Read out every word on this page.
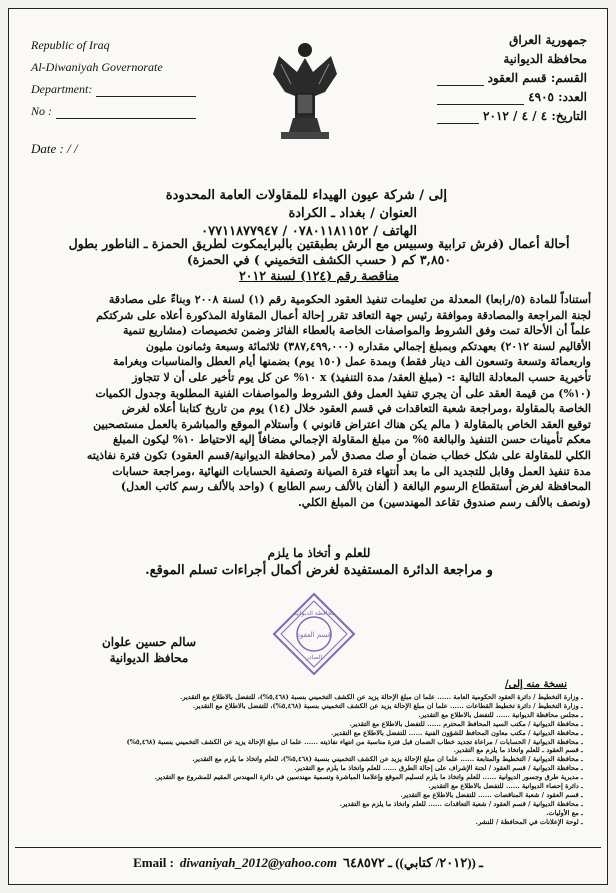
Republic of Iraq
Al-Diwaniyah Governorate
Department:
No :
Date : / /
جمهورية العراق
محافظة الديوانية
القسم: قسم العقود
العدد: ٤٩٠٥
التاريخ: ٤ / ٤ / ٢٠١٢
إلى / شركة عيون الهيداء للمقاولات العامة المحدودة
العنوان / بغداد ـ الكرادة
الهاتف / ٠٧٨٠١١٨١١٥٢ / ٠٧٧١١٨٧٧٩٤٧
أحالة أعمال (فرش ترابية وسبيس مع الرش بطبقتين بالبرايمكوت لطريق الحمزة ـ الناطور بطول
٣,٨٥٠ كم ( حسب الكشف التخميني ) في الحمزة)
مناقصة رقم (١٢٤) لسنة ٢٠١٢
أستناداً للمادة (٥/رابعا) المعدلة من تعليمات تنفيذ العقود الحكومية رقم (١) لسنة ٢٠٠٨ وبناءً على مصادقة
لجنة المراجعة والمصادقة وموافقة رئيس جهة التعاقد تقرر إحالة أعمال المقاولة المذكورة أعلاه على شركتكم
علماً أن الأحالة تمت وفق الشروط والمواصفات الخاصة بالعطاء الفائز وضمن تخصيصات (مشاريع تنمية
الأقاليم لسنة ٢٠١٢) بعهدتكم وبمبلغ إجمالي مقداره (٣٨٧,٤٩٩,٠٠٠) ثلاثمائة وسبعة وثمانون مليون
واربعمائة وتسعة وتسعون الف دينار فقط) وبمدة عمل (١٥٠ يوم) بضمنها أيام العطل والمناسبات وبغرامة
تأخيرية حسب المعادلة التالية :- (مبلغ العقد/ مدة التنفيذ) x ١٠% عن كل يوم تأخير على أن لا تتجاوز
(١٠%) من قيمة العقد على أن يجري تنفيذ العمل وفق الشروط والمواصفات الفنية المطلوبة وجدول الكميات
الخاصة بالمقاولة ،ومراجعة شعبة التعاقدات في قسم العقود خلال (١٤) يوم من تاريخ كتابنا أعلاه لغرض
توقيع العقد الخاص بالمقاولة ( مالم يكن هناك اعتراض قانوني ) وأستلام الموقع والمباشرة بالعمل مستصحبين
معكم تأمينات حسن التنفيذ والبالغة ٥% من مبلغ المقاولة الإجمالي مضافاً إليه الاحتياط ١٠% ليكون المبلغ
الكلي للمقاولة على شكل خطاب ضمان أو صك مصدق لأمر (محافظة الديوانية/قسم العقود) تكون فترة نفاذيته
مدة تنفيذ العمل وقابل للتجديد الى ما بعد أنتهاء فترة الصيانة وتصفية الحسابات النهائية ،ومراجعة حسابات
المحافظة لغرض أستقطاع الرسوم البالغة ( ألفان بالألف رسم الطابع ) (واحد بالألف رسم كاتب العدل)
(ونصف بالألف رسم صندوق تقاعد المهندسين) من المبلغ الكلي.
للعلم و أتخاذ ما يلزم
و مراجعة الدائرة المستفيدة لغرض أكمال أجراءات تسلم الموقع.
محافظة الديوانية
قسم العقود
الصادر
سالم حسين علوان
محافظ الديوانية
نسخة منه إلى/
ـ وزارة التخطيط / دائرة العقود الحكومية العامة ...... علما ان مبلغ الإحالة يزيد عن الكشف التخميني بنسبة (٥,٤٦٨%)، للتفضل بالاطلاع مع التقدير.
ـ وزارة التخطيط / دائرة تخطيط القطاعات ...... علما ان مبلغ الإحالة يزيد عن الكشف التخميني بنسبة (٥,٤٦٨%)، للتفضل بالاطلاع مع التقدير.
ـ مجلس محافظة الديوانية ...... للتفضل بالاطلاع مع التقدير.
ـ محافظة الديوانية / مكتب السيد المحافظ المحترم ...... للتفضل بالاطلاع مع التقدير.
ـ محافظة الديوانية / مكتب معاون المحافظ للشؤون الفنية ...... للتفضل بالاطلاع مع التقدير.
ـ محافظة الديوانية / الحسابات / مراعاة تجديد خطاب الضمان قبل فترة مناسبة من انتهاء نفاذيته ...... علما ان مبلغ الإحالة يزيد عن الكشف التخميني بنسبة (٥,٤٦٨%)
ـ قسم العقود ـ للعلم واتخاذ ما يلزم مع التقدير.
ـ محافظة الديوانية / التخطيط والمتابعة ...... علما ان مبلغ الإحالة يزيد عن الكشف التخميني بنسبة (٥,٤٦٨%)، للعلم واتخاذ ما يلزم مع التقدير.
ـ محافظة الديوانية / قسم العقود / لجنة الإشراف على إحالة الطرق ...... للعلم واتخاذ ما يلزم مع التقدير.
ـ مديرية طرق وجسور الديوانية ...... للعلم واتخاذ ما يلزم لتسليم الموقع وإعلامنا المباشرة وتسمية مهندسين في دائرة المهندس المقيم للمشروع مع التقدير.
ـ دائرة إحصاء الديوانية ...... للتفضل بالاطلاع مع التقدير.
ـ قسم العقود / شعبة المناقصات ...... للتفضل بالاطلاع مع التقدير.
ـ محافظة الديوانية / قسم العقود / شعبة التعاقدات ...... للعلم واتخاذ ما يلزم مع التقدير.
ـ مع الأوليات.
ـ لوحة الإعلانات في المحافظة / للنشر.
Email : diwaniyah_2012@yahoo.com ـ ((٢٠١٢/ كتابي)) ـ ٦٤٨٥٧٢
